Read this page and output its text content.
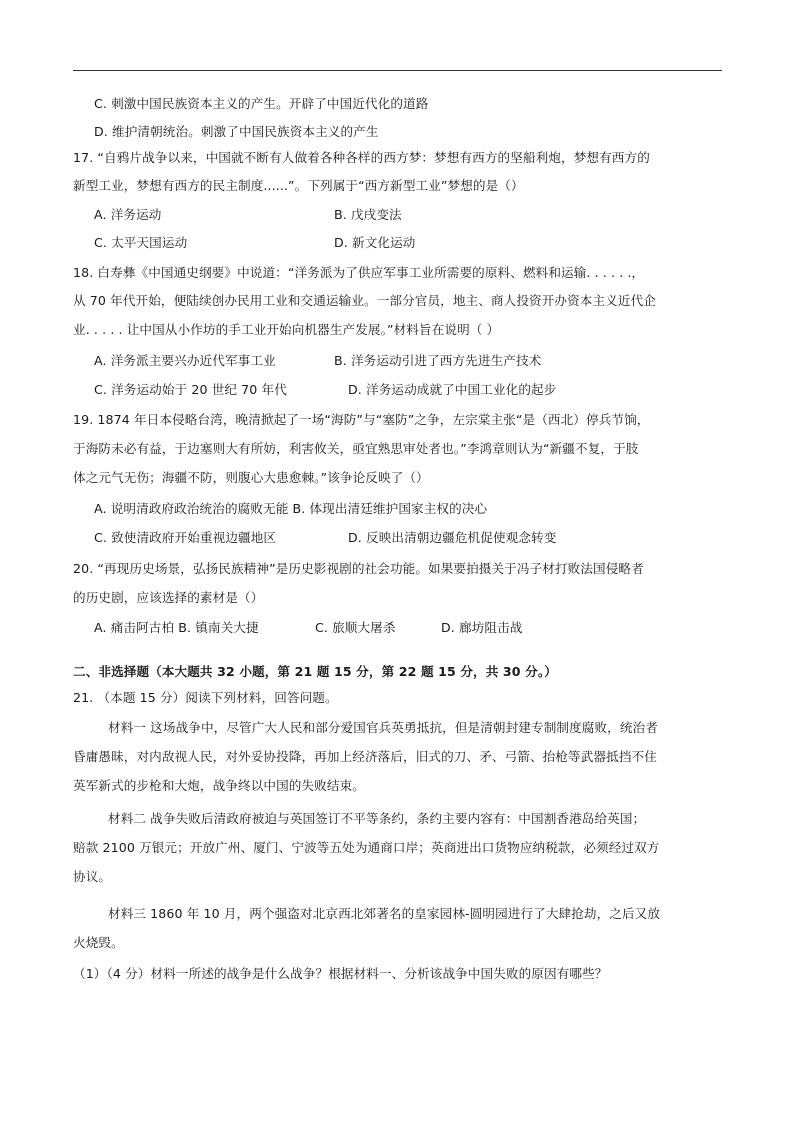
C. 刺激中国民族资本主义的产生。开辟了中国近代化的道路
D. 维护清朝统治。刺激了中国民族资本主义的产生
17. “自鸦片战争以来，中国就不断有人做着各种各样的西方梦：梦想有西方的坚船利炮，梦想有西方的
新型工业，梦想有西方的民主制度......”。下列属于“西方新型工业”梦想的是（）
A. 洋务运动	B. 戊戌变法
C. 太平天国运动	D. 新文化运动
18. 白寿彝《中国通史纲要》中说道：“洋务派为了供应军事工业所需要的原料、燃料和运输. . . . . .，
从 70 年代开始，便陆续创办民用工业和交通运输业。一部分官员，地主、商人投资开办资本主义近代企
业. . . . . 让中国从小作坊的手工业开始向机器生产发展。”材料旨在说明（ ）
A. 洋务派主要兴办近代军事工业	B. 洋务运动引进了西方先进生产技术
C. 洋务运动始于 20 世纪 70 年代	D. 洋务运动成就了中国工业化的起步
19. 1874 年日本侵略台湾，晚清掀起了一场“海防”与“塞防”之争，左宗棠主张“是（西北）停兵节饷，
于海防未必有益，于边塞则大有所妨，利害攸关，亟宜熟思审处者也。”李鸿章则认为“新疆不复，于肢
体之元气无伤；海疆不防，则腹心大患愈棘。”该争论反映了（）
A. 说明清政府政治统治的腐败无能 B. 体现出清廷维护国家主权的决心
C. 致使清政府开始重视边疆地区	D. 反映出清朝边疆危机促使观念转变
20. “再现历史场景，弘扬民族精神”是历史影视剧的社会功能。如果要拍摄关于冯子材打败法国侵略者
的历史剧，应该选择的素材是（）
A. 痛击阿古柏 B. 镇南关大捷	C. 旅顺大屠杀	D. 廊坊阻击战
二、非选择题（本大题共 32 小题，第 21 题 15 分，第 22 题 15 分，共 30 分。）
21. （本题 15 分）阅读下列材料，回答问题。
材料一 这场战争中，尽管广大人民和部分爱国官兵英勇抵抗，但是清朝封建专制制度腐败，统治者
昏庸愚昧，对内敌视人民，对外妥协投降，再加上经济落后，旧式的刀、矛、弓箭、抬枪等武器抵挡不住
英军新式的步枪和大炮，战争终以中国的失败结束。
材料二 战争失败后清政府被迫与英国签订不平等条约，条约主要内容有：中国割香港岛给英国；
赔款 2100 万银元；开放广州、厦门、宁波等五处为通商口岸；英商进出口货物应纳税款，必须经过双方
协议。
材料三 1860 年 10 月，两个强盗对北京西北郊著名的皇家园林-圆明园进行了大肆抢劫，之后又放
火烧毁。
（1）（4 分）材料一所述的战争是什么战争？根据材料一、分析该战争中国失败的原因有哪些？
